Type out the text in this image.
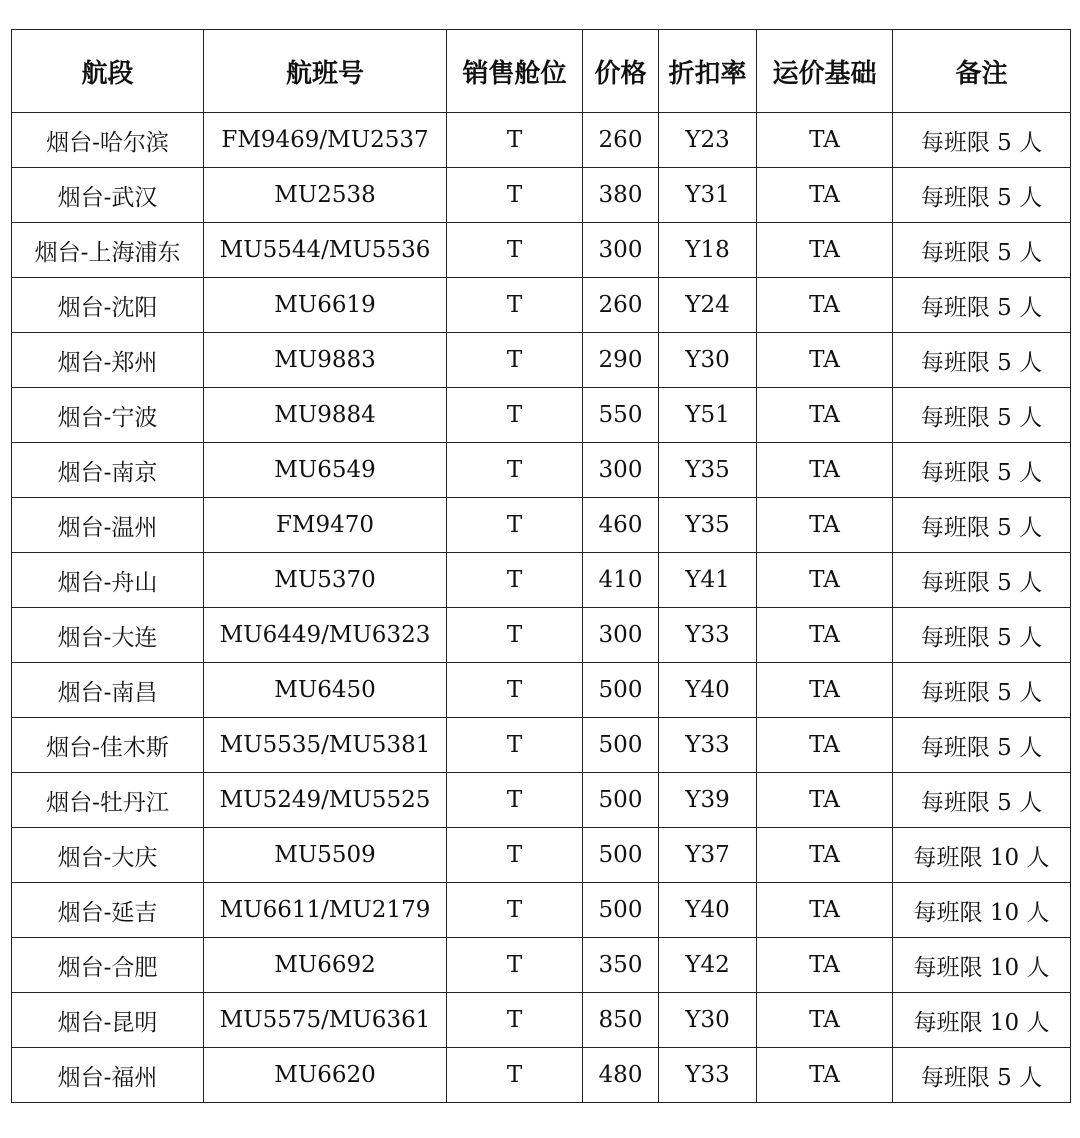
航段	航班号	销售舱位	价格	折扣率	运价基础	备注
烟台-哈尔滨	FM9469/MU2537	T	260	Y23	TA	每班限 5 人
烟台-武汉	MU2538	T	380	Y31	TA	每班限 5 人
烟台-上海浦东	MU5544/MU5536	T	300	Y18	TA	每班限 5 人
烟台-沈阳	MU6619	T	260	Y24	TA	每班限 5 人
烟台-郑州	MU9883	T	290	Y30	TA	每班限 5 人
烟台-宁波	MU9884	T	550	Y51	TA	每班限 5 人
烟台-南京	MU6549	T	300	Y35	TA	每班限 5 人
烟台-温州	FM9470	T	460	Y35	TA	每班限 5 人
烟台-舟山	MU5370	T	410	Y41	TA	每班限 5 人
烟台-大连	MU6449/MU6323	T	300	Y33	TA	每班限 5 人
烟台-南昌	MU6450	T	500	Y40	TA	每班限 5 人
烟台-佳木斯	MU5535/MU5381	T	500	Y33	TA	每班限 5 人
烟台-牡丹江	MU5249/MU5525	T	500	Y39	TA	每班限 5 人
烟台-大庆	MU5509	T	500	Y37	TA	每班限 10 人
烟台-延吉	MU6611/MU2179	T	500	Y40	TA	每班限 10 人
烟台-合肥	MU6692	T	350	Y42	TA	每班限 10 人
烟台-昆明	MU5575/MU6361	T	850	Y30	TA	每班限 10 人
烟台-福州	MU6620	T	480	Y33	TA	每班限 5 人
